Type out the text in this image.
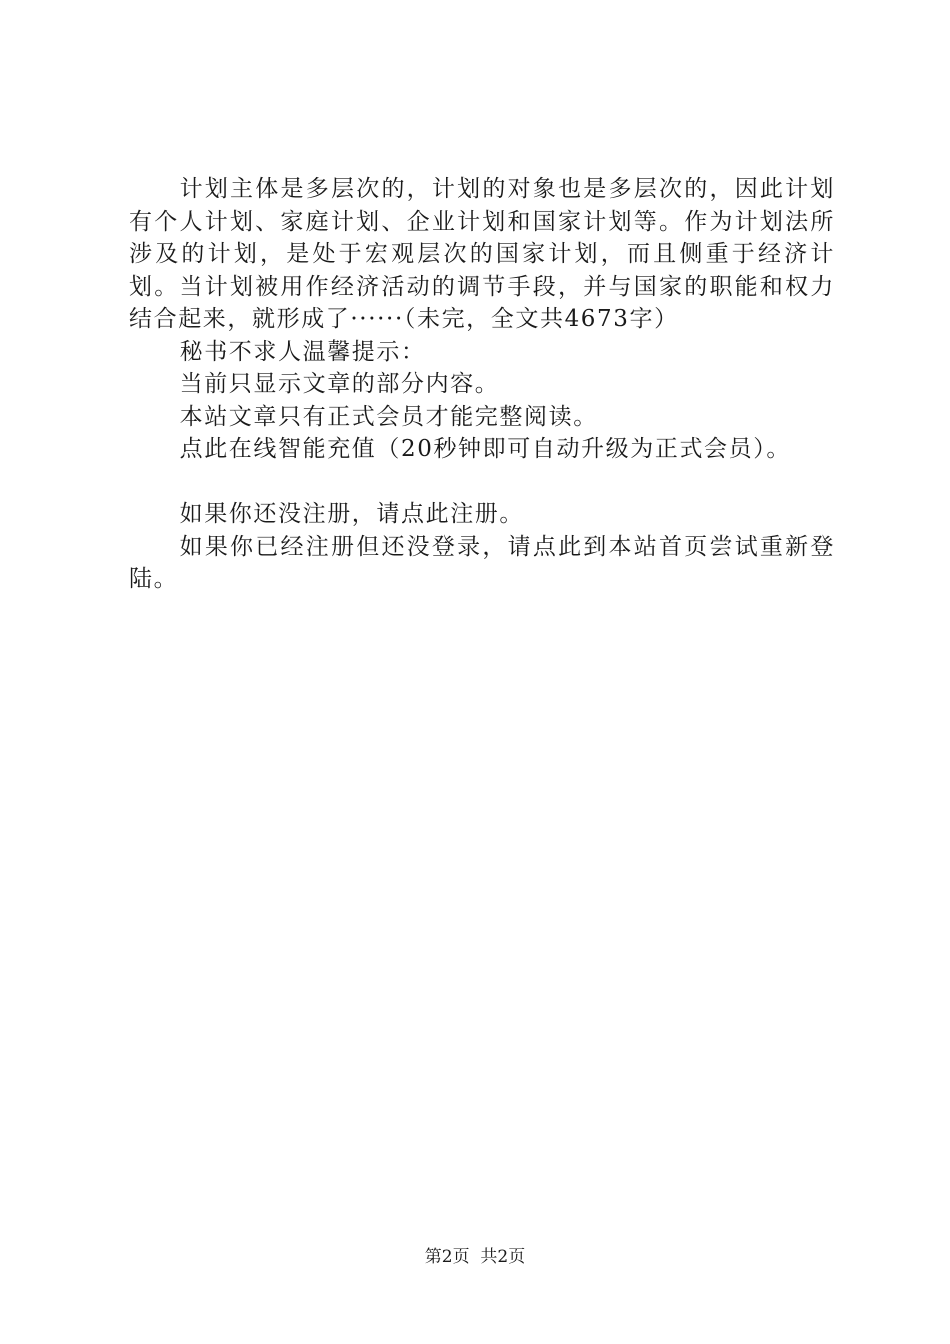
计划主体是多层次的，计划的对象也是多层次的，因此计划有个人计划、家庭计划、企业计划和国家计划等。作为计划法所涉及的计划，是处于宏观层次的国家计划，而且侧重于经济计划。当计划被用作经济活动的调节手段，并与国家的职能和权力结合起来，就形成了······（未完，全文共4673字）

秘书不求人温馨提示：

当前只显示文章的部分内容。

本站文章只有正式会员才能完整阅读。

点此在线智能充值（20秒钟即可自动升级为正式会员）。

如果你还没注册，请点此注册。

如果你已经注册但还没登录，请点此到本站首页尝试重新登陆。

第2页 共2页
